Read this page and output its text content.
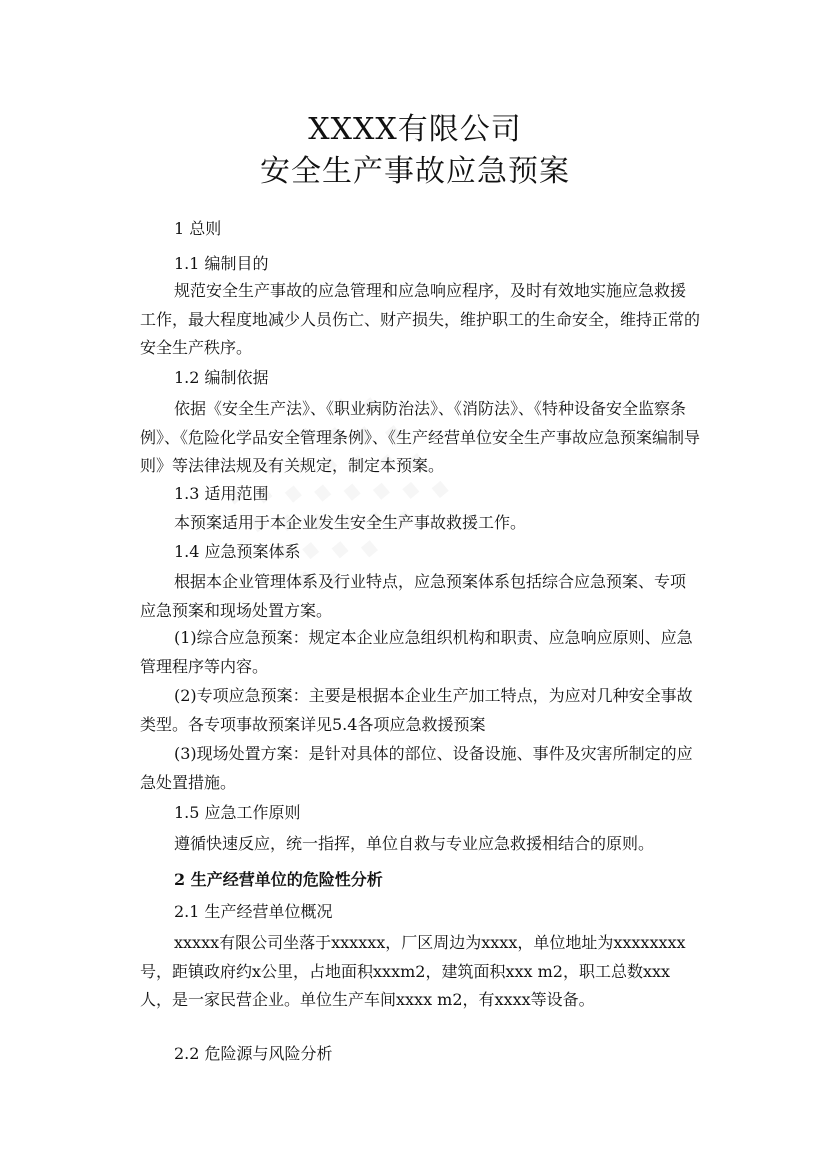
XXXX有限公司
安全生产事故应急预案

1 总则

1.1 编制目的

规范安全生产事故的应急管理和应急响应程序，及时有效地实施应急救援工作，最大程度地减少人员伤亡、财产损失，维护职工的生命安全，维持正常的安全生产秩序。

1.2 编制依据

依据《安全生产法》、《职业病防治法》、《消防法》、《特种设备安全监察条例》、《危险化学品安全管理条例》、《生产经营单位安全生产事故应急预案编制导则》等法律法规及有关规定，制定本预案。

1.3 适用范围

本预案适用于本企业发生安全生产事故救援工作。

1.4 应急预案体系

根据本企业管理体系及行业特点，应急预案体系包括综合应急预案、专项应急预案和现场处置方案。

(1)综合应急预案：规定本企业应急组织机构和职责、应急响应原则、应急管理程序等内容。

(2)专项应急预案：主要是根据本企业生产加工特点，为应对几种安全事故类型。各专项事故预案详见5.4各项应急救援预案

(3)现场处置方案：是针对具体的部位、设备设施、事件及灾害所制定的应急处置措施。

1.5 应急工作原则

遵循快速反应，统一指挥，单位自救与专业应急救援相结合的原则。

2 生产经营单位的危险性分析

2.1 生产经营单位概况

xxxxx有限公司坐落于xxxxxx，厂区周边为xxxx，单位地址为xxxxxxxx号，距镇政府约x公里，占地面积xxxm2，建筑面积xxx m2，职工总数xxx人，是一家民营企业。单位生产车间xxxx m2，有xxxx等设备。

2.2 危险源与风险分析
